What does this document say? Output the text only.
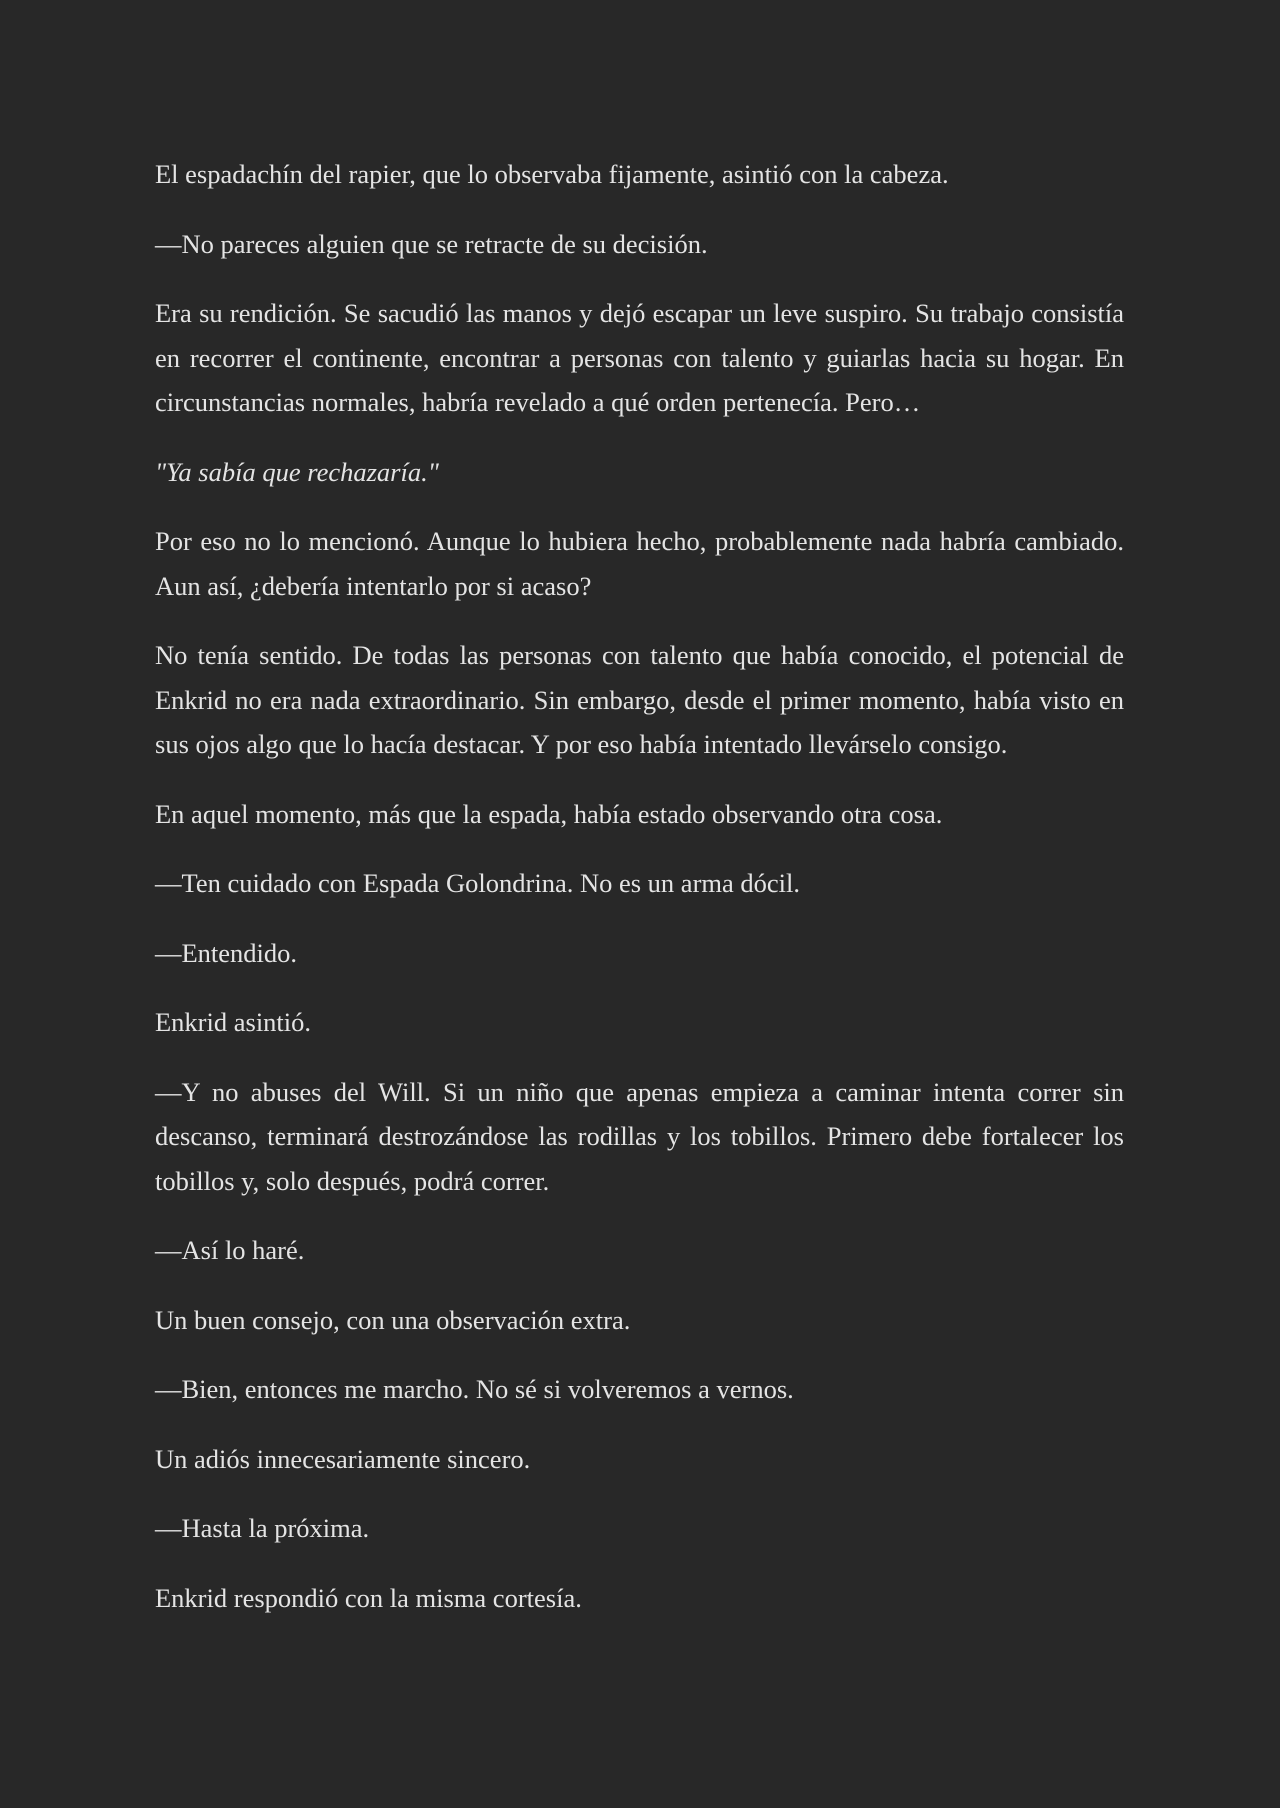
El espadachín del rapier, que lo observaba fijamente, asintió con la cabeza.

—No pareces alguien que se retracte de su decisión.

Era su rendición. Se sacudió las manos y dejó escapar un leve suspiro. Su trabajo consistía en recorrer el continente, encontrar a personas con talento y guiarlas hacia su hogar. En circunstancias normales, habría revelado a qué orden pertenecía. Pero…

"Ya sabía que rechazaría."

Por eso no lo mencionó. Aunque lo hubiera hecho, probablemente nada habría cambiado. Aun así, ¿debería intentarlo por si acaso?

No tenía sentido. De todas las personas con talento que había conocido, el potencial de Enkrid no era nada extraordinario. Sin embargo, desde el primer momento, había visto en sus ojos algo que lo hacía destacar. Y por eso había intentado llevárselo consigo.

En aquel momento, más que la espada, había estado observando otra cosa.

—Ten cuidado con Espada Golondrina. No es un arma dócil.

—Entendido.

Enkrid asintió.

—Y no abuses del Will. Si un niño que apenas empieza a caminar intenta correr sin descanso, terminará destrozándose las rodillas y los tobillos. Primero debe fortalecer los tobillos y, solo después, podrá correr.

—Así lo haré.

Un buen consejo, con una observación extra.

—Bien, entonces me marcho. No sé si volveremos a vernos.

Un adiós innecesariamente sincero.

—Hasta la próxima.

Enkrid respondió con la misma cortesía.
